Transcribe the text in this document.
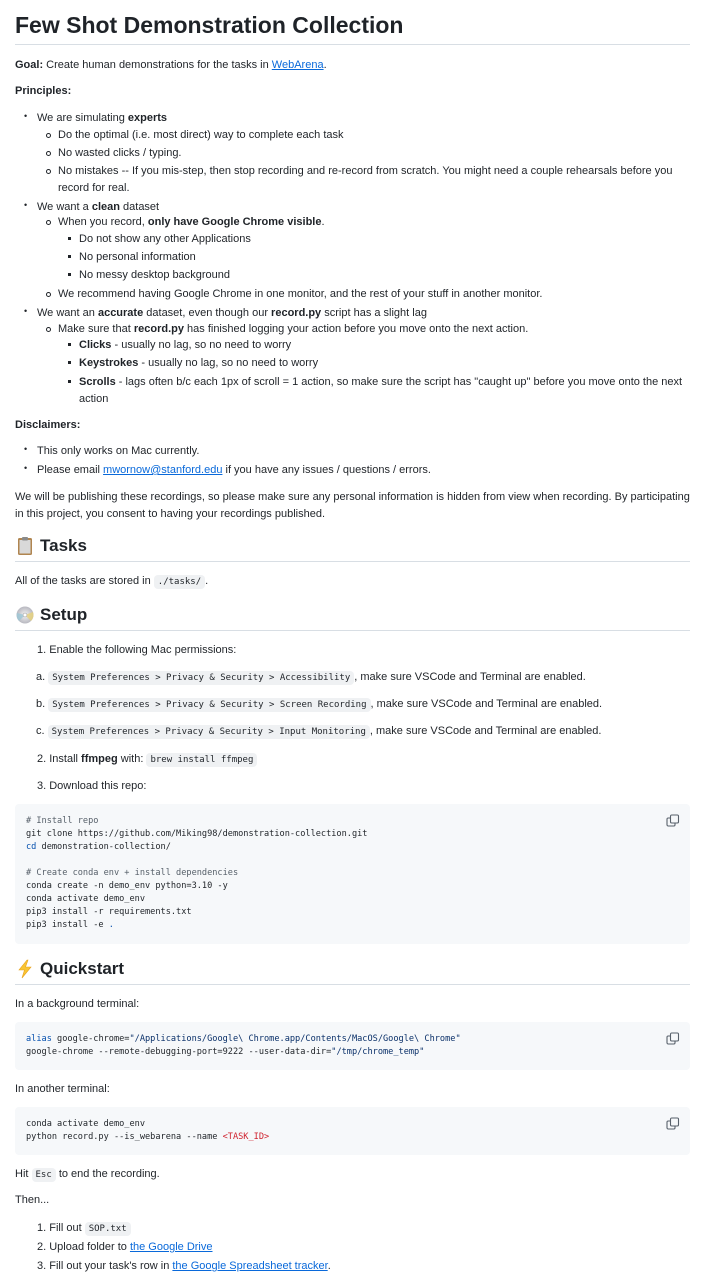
Few Shot Demonstration Collection

Goal: Create human demonstrations for the tasks in WebArena.

Principles:

• We are simulating experts
Do the optimal (i.e. most direct) way to complete each task
No wasted clicks / typing.
No mistakes -- If you mis-step, then stop recording and re-record from scratch. You might need a couple rehearsals before you record for real.
• We want a clean dataset
When you record, only have Google Chrome visible.
Do not show any other Applications
No personal information
No messy desktop background
We recommend having Google Chrome in one monitor, and the rest of your stuff in another monitor.
• We want an accurate dataset, even though our record.py script has a slight lag
Make sure that record.py has finished logging your action before you move onto the next action.
Clicks - usually no lag, so no need to worry
Keystrokes - usually no lag, so no need to worry
Scrolls - lags often b/c each 1px of scroll = 1 action, so make sure the script has "caught up" before you move onto the next action

Disclaimers:

• This only works on Mac currently.
• Please email mwornow@stanford.edu if you have any issues / questions / errors.

We will be publishing these recordings, so please make sure any personal information is hidden from view when recording. By participating in this project, you consent to having your recordings published.

Tasks

All of the tasks are stored in ./tasks/ .

Setup

1. Enable the following Mac permissions:

a. System Preferences > Privacy & Security > Accessibility , make sure VSCode and Terminal are enabled.
b. System Preferences > Privacy & Security > Screen Recording , make sure VSCode and Terminal are enabled.
c. System Preferences > Privacy & Security > Input Monitoring , make sure VSCode and Terminal are enabled.
2. Install ffmpeg with: brew install ffmpeg

3. Download this repo:

# Install repo
git clone https://github.com/Miking98/demonstration-collection.git
cd demonstration-collection/

# Create conda env + install dependencies
conda create -n demo_env python=3.10 -y
conda activate demo_env
pip3 install -r requirements.txt
pip3 install -e .
Quickstart

In a background terminal:

alias google-chrome="/Applications/Google\ Chrome.app/Contents/MacOS/Google\ Chrome"
google-chrome --remote-debugging-port=9222 --user-data-dir="/tmp/chrome_temp"

In another terminal:

conda activate demo_env
python record.py --is_webarena --name <TASK_ID>

Hit Esc to end the recording.

Then...

1. Fill out SOP.txt
2. Upload folder to the Google Drive
3. Fill out your task's row in the Google Spreadsheet tracker.
